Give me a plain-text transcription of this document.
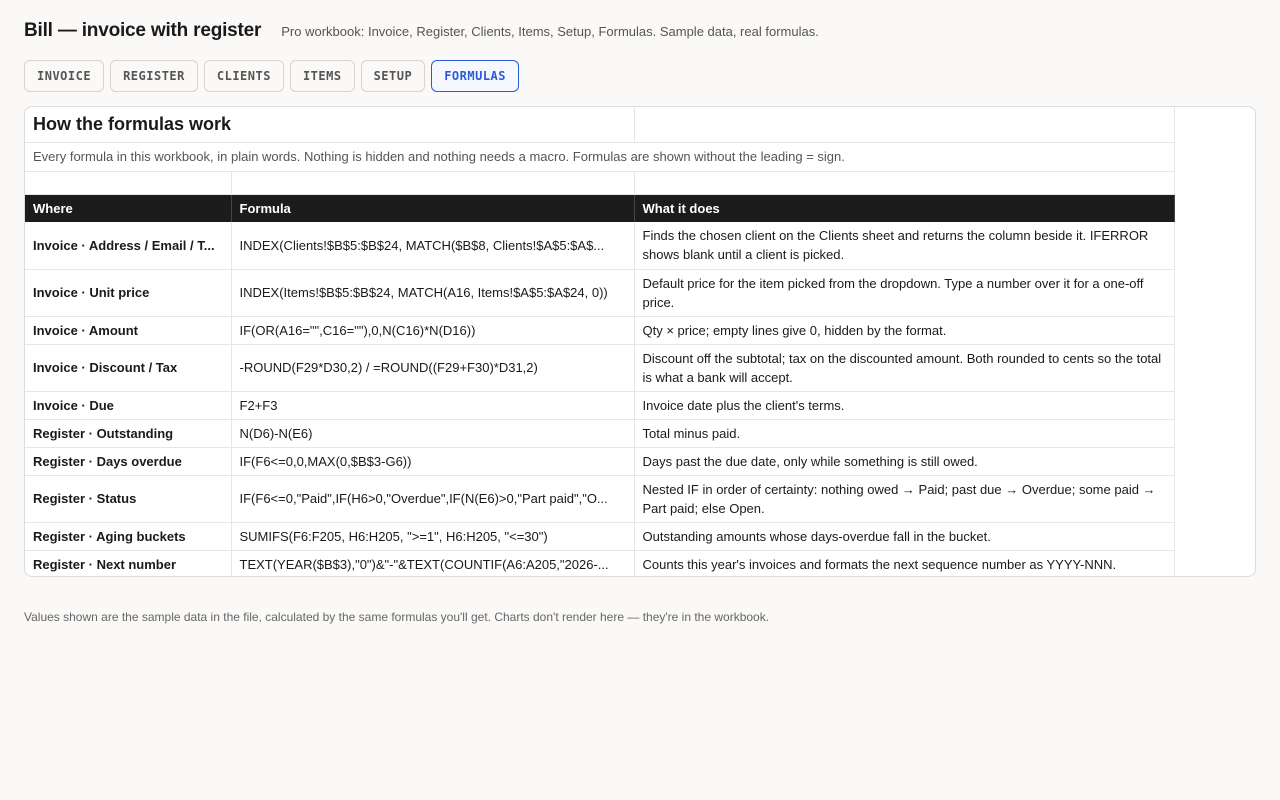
Bill — invoice with register Pro workbook: Invoice, Register, Clients, Items, Setup, Formulas. Sample data, real formulas.
INVOICE	REGISTER	CLIENTS	ITEMS	SETUP	FORMULAS
How the formulas work		
Every formula in this workbook, in plain words. Nothing is hidden and nothing needs a macro. Formulas are shown without the leading = sign.		

Where	Formula	What it does
Invoice · Address / Email / T...	INDEX(Clients!$B$5:$B$24, MATCH($B$8, Clients!$A$5:$A$...	Finds the chosen client on the Clients sheet and returns the column beside it. IFERROR shows blank until a client is picked.
Invoice · Unit price	INDEX(Items!$B$5:$B$24, MATCH(A16, Items!$A$5:$A$24, 0))	Default price for the item picked from the dropdown. Type a number over it for a one-off price.
Invoice · Amount	IF(OR(A16="",C16=""),0,N(C16)*N(D16))	Qty × price; empty lines give 0, hidden by the format.
Invoice · Discount / Tax	-ROUND(F29*D30,2) / =ROUND((F29+F30)*D31,2)	Discount off the subtotal; tax on the discounted amount. Both rounded to cents so the total is what a bank will accept.
Invoice · Due	F2+F3	Invoice date plus the client's terms.
Register · Outstanding	N(D6)-N(E6)	Total minus paid.
Register · Days overdue	IF(F6<=0,0,MAX(0,$B$3-G6))	Days past the due date, only while something is still owed.
Register · Status	IF(F6<=0,"Paid",IF(H6>0,"Overdue",IF(N(E6)>0,"Part paid","O...	Nested IF in order of certainty: nothing owed → Paid; past due → Overdue; some paid → Part paid; else Open.
Register · Aging buckets	SUMIFS(F6:F205, H6:H205, ">=1", H6:H205, "<=30")	Outstanding amounts whose days-overdue fall in the bucket.
Register · Next number	TEXT(YEAR($B$3),"0")&"-"&TEXT(COUNTIF(A6:A205,"2026-...	Counts this year's invoices and formats the next sequence number as YYYY-NNN.
Values shown are the sample data in the file, calculated by the same formulas you'll get. Charts don't render here — they're in the workbook.
